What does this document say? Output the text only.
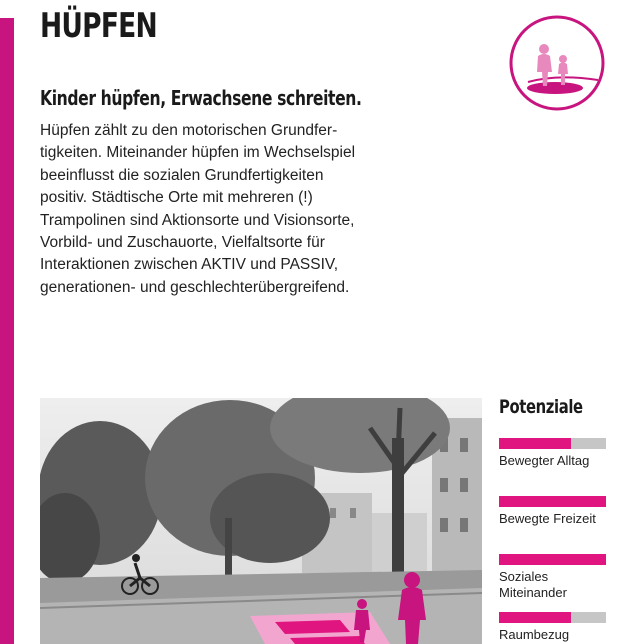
HÜPFEN
Kinder hüpfen, Erwachsene schreiten.

Hüpfen zählt zu den motorischen Grundfer-
tigkeiten. Miteinander hüpfen im Wechselspiel
beeinflusst die sozialen Grundfertigkeiten
positiv. Städtische Orte mit mehreren (!)
Trampolinen sind Aktionsorte und Visionsorte,
Vorbild- und Zuschauorte, Vielfaltsorte für
Interaktionen zwischen AKTIV und PASSIV,
generationen- und geschlechterübergreifend.

Potenziale
Bewegter Alltag
Bewegte Freizeit
Soziales
Miteinander
Raumbezug
